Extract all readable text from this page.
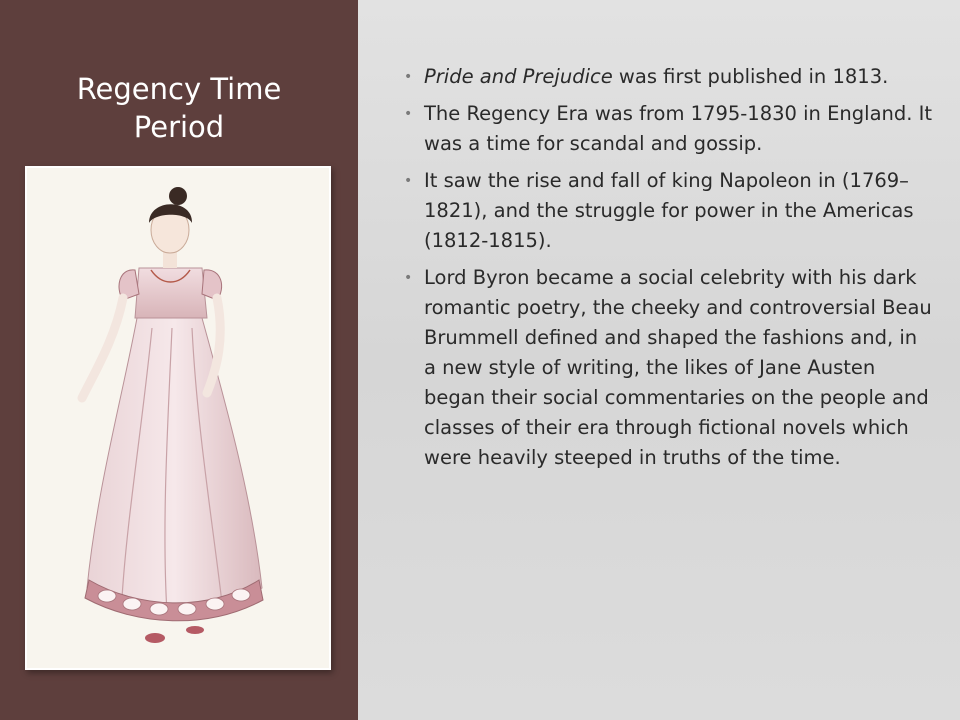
Regency Time
Period
• Pride and Prejudice was first published in 1813.
• The Regency Era was from 1795-1830 in England. It was a time for scandal and gossip.
• It saw the rise and fall of king Napoleon in (1769–1821), and the struggle for power in the Americas (1812-1815).
• Lord Byron became a social celebrity with his dark romantic poetry, the cheeky and controversial Beau Brummell defined and shaped the fashions and, in a new style of writing, the likes of Jane Austen began their social commentaries on the people and classes of their era through fictional novels which were heavily steeped in truths of the time.
